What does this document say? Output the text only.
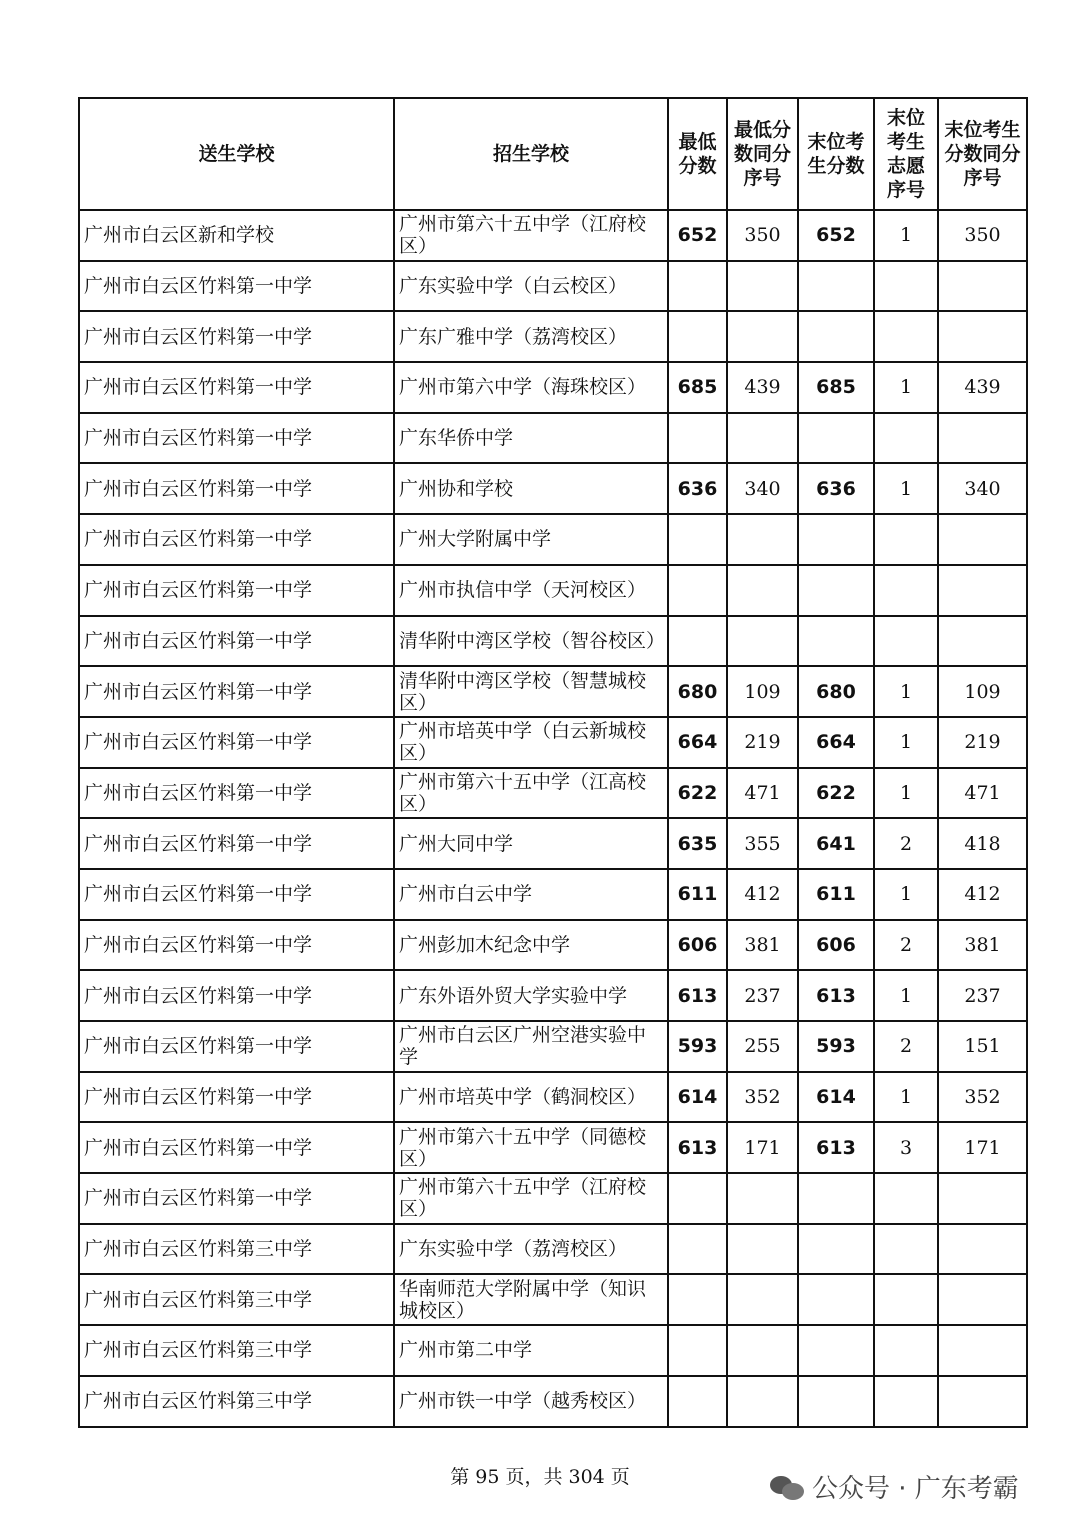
送生学校	招生学校	最低分数	最低分数同分序号	末位考生分数	末位考生志愿序号	末位考生分数同分序号
广州市白云区新和学校	广州市第六十五中学（江府校区）	652	350	652	1	350
广州市白云区竹料第一中学	广东实验中学（白云校区）					
广州市白云区竹料第一中学	广东广雅中学（荔湾校区）					
广州市白云区竹料第一中学	广州市第六中学（海珠校区）	685	439	685	1	439
广州市白云区竹料第一中学	广东华侨中学					
广州市白云区竹料第一中学	广州协和学校	636	340	636	1	340
广州市白云区竹料第一中学	广州大学附属中学					
广州市白云区竹料第一中学	广州市执信中学（天河校区）					
广州市白云区竹料第一中学	清华附中湾区学校（智谷校区）					
广州市白云区竹料第一中学	清华附中湾区学校（智慧城校区）	680	109	680	1	109
广州市白云区竹料第一中学	广州市培英中学（白云新城校区）	664	219	664	1	219
广州市白云区竹料第一中学	广州市第六十五中学（江高校区）	622	471	622	1	471
广州市白云区竹料第一中学	广州大同中学	635	355	641	2	418
广州市白云区竹料第一中学	广州市白云中学	611	412	611	1	412
广州市白云区竹料第一中学	广州彭加木纪念中学	606	381	606	2	381
广州市白云区竹料第一中学	广东外语外贸大学实验中学	613	237	613	1	237
广州市白云区竹料第一中学	广州市白云区广州空港实验中学	593	255	593	2	151
广州市白云区竹料第一中学	广州市培英中学（鹤洞校区）	614	352	614	1	352
广州市白云区竹料第一中学	广州市第六十五中学（同德校区）	613	171	613	3	171
广州市白云区竹料第一中学	广州市第六十五中学（江府校区）					
广州市白云区竹料第三中学	广东实验中学（荔湾校区）					
广州市白云区竹料第三中学	华南师范大学附属中学（知识城校区）					
广州市白云区竹料第三中学	广州市第二中学					
广州市白云区竹料第三中学	广州市铁一中学（越秀校区）					
第 95 页，共 304 页	公众号 · 广东考霸
